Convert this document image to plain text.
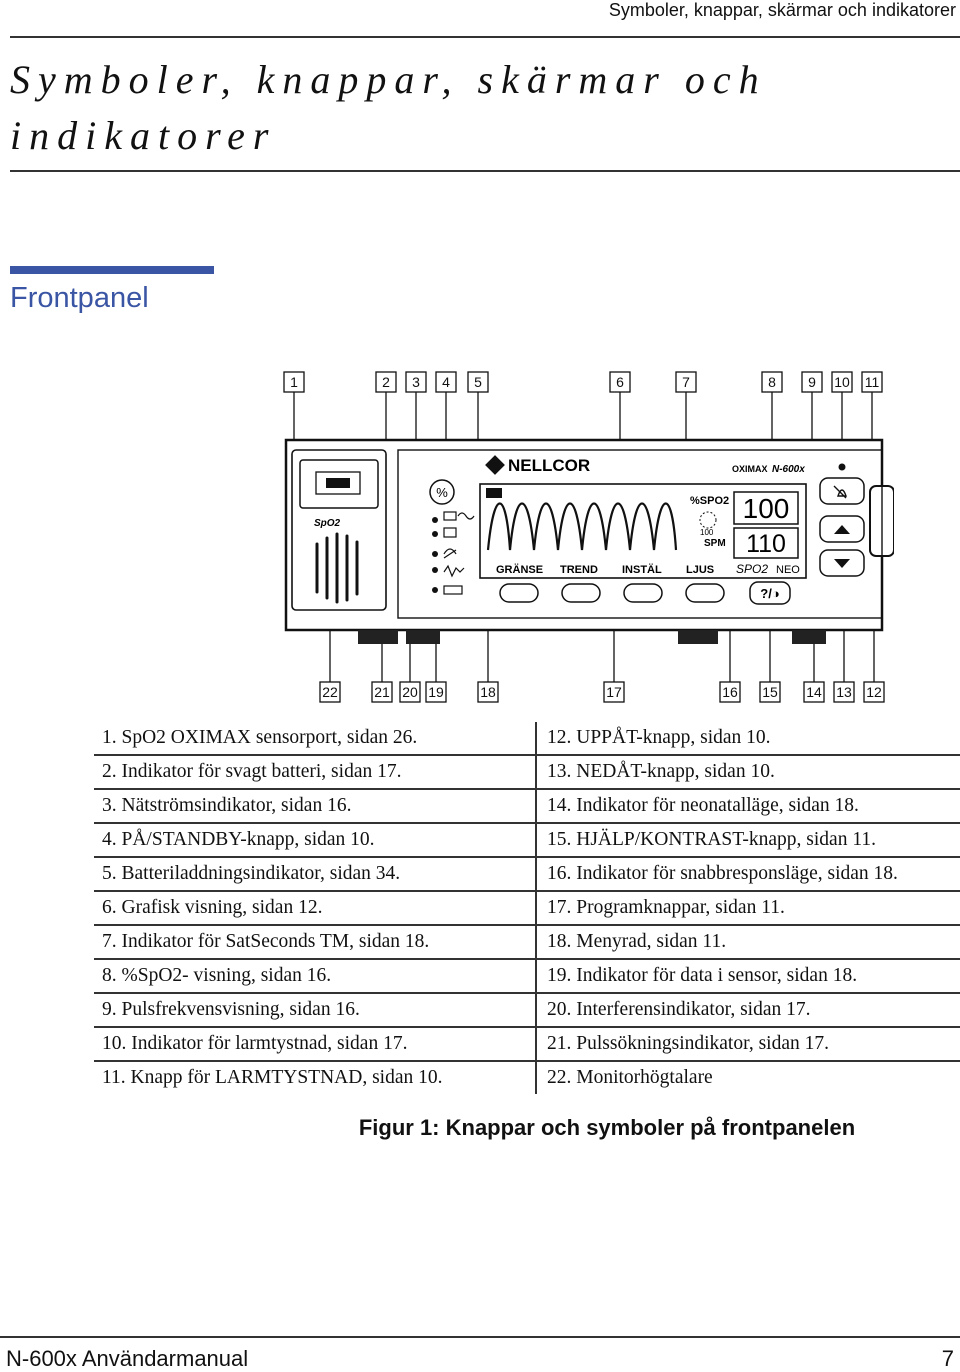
Symboler, knappar, skärmar och indikatorer
Symboler, knappar, skärmar och indikatorer
Frontpanel
1	2 3 4 5	6	7	8 9 10 11
22	21 20 19	18	17	16 15 14 13 12
%
NELLCOR	OXIMAX N-600x
SpO2
%SPO2
100
SPM
100
110
GRÄNSE TREND INSTÄL LJUS SPO2 NEO
?/◑
1. SpO2 OXIMAX sensorport, sidan 26.	12. UPPÅT-knapp, sidan 10.
2. Indikator för svagt batteri, sidan 17.	13. NEDÅT-knapp, sidan 10.
3. Nätströmsindikator, sidan 16.	14. Indikator för neonatalläge, sidan 18.
4. PÅ/STANDBY-knapp, sidan 10.	15. HJÄLP/KONTRAST-knapp, sidan 11.
5. Batteriladdningsindikator, sidan 34.	16. Indikator för snabbresponsläge, sidan 18.
6. Grafisk visning, sidan 12.	17. Programknappar, sidan 11.
7. Indikator för SatSeconds TM, sidan 18.	18. Menyrad, sidan 11.
8. %SpO2- visning, sidan 16.	19. Indikator för data i sensor, sidan 18.
9. Pulsfrekvensvisning, sidan 16.	20. Interferensindikator, sidan 17.
10. Indikator för larmtystnad, sidan 17.	21. Pulssökningsindikator, sidan 17.
11. Knapp för LARMTYSTNAD, sidan 10.	22. Monitorhögtalare
Figur 1: Knappar och symboler på frontpanelen
N-600x Användarmanual	7
